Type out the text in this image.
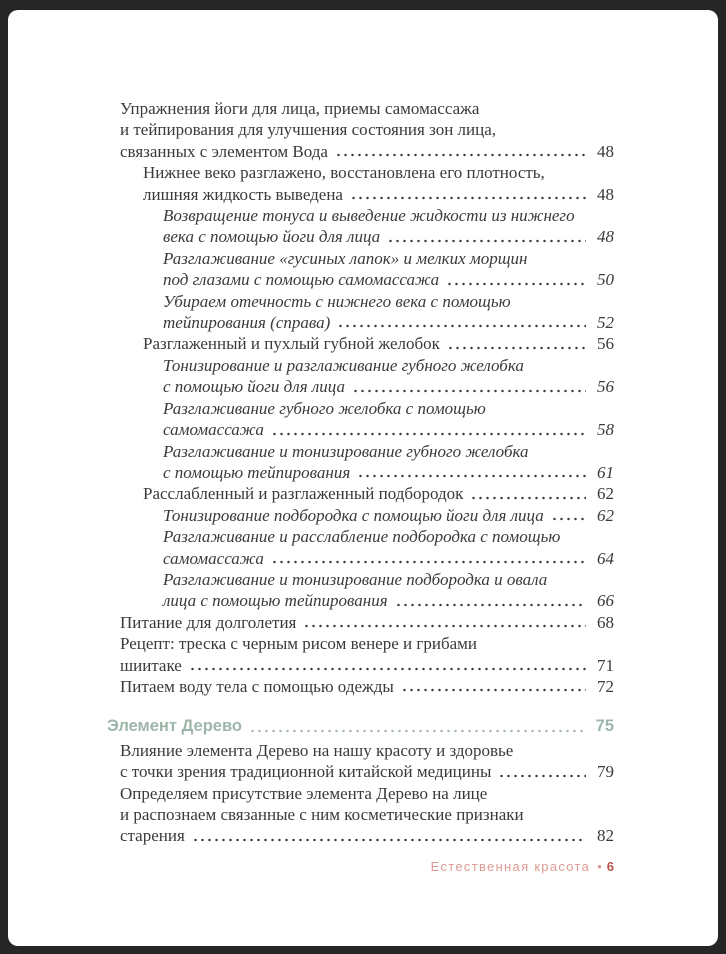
Упражнения йоги для лица, приемы самомассажа
и тейпирования для улучшения состояния зон лица,
связанных с элементом Вода	48
Нижнее веко разглажено, восстановлена его плотность,
лишняя жидкость выведена	48
Возвращение тонуса и выведение жидкости из нижнего
века с помощью йоги для лица	48
Разглаживание «гусиных лапок» и мелких морщин
под глазами с помощью самомассажа	50
Убираем отечность с нижнего века с помощью
тейпирования (справа)	52
Разглаженный и пухлый губной желобок	56
Тонизирование и разглаживание губного желобка
с помощью йоги для лица	56
Разглаживание губного желобка с помощью
самомассажа	58
Разглаживание и тонизирование губного желобка
с помощью тейпирования	61
Расслабленный и разглаженный подбородок	62
Тонизирование подбородка с помощью йоги для лица	62
Разглаживание и расслабление подбородка с помощью
самомассажа	64
Разглаживание и тонизирование подбородка и овала
лица с помощью тейпирования	66
Питание для долголетия	68
Рецепт: треска с черным рисом венере и грибами
шиитаке	71
Питаем воду тела с помощью одежды	72
Элемент Дерево	75
Влияние элемента Дерево на нашу красоту и здоровье
с точки зрения традиционной китайской медицины	79
Определяем присутствие элемента Дерево на лице
и распознаем связанные с ним косметические признаки
старения	82
Естественная красота • 6
